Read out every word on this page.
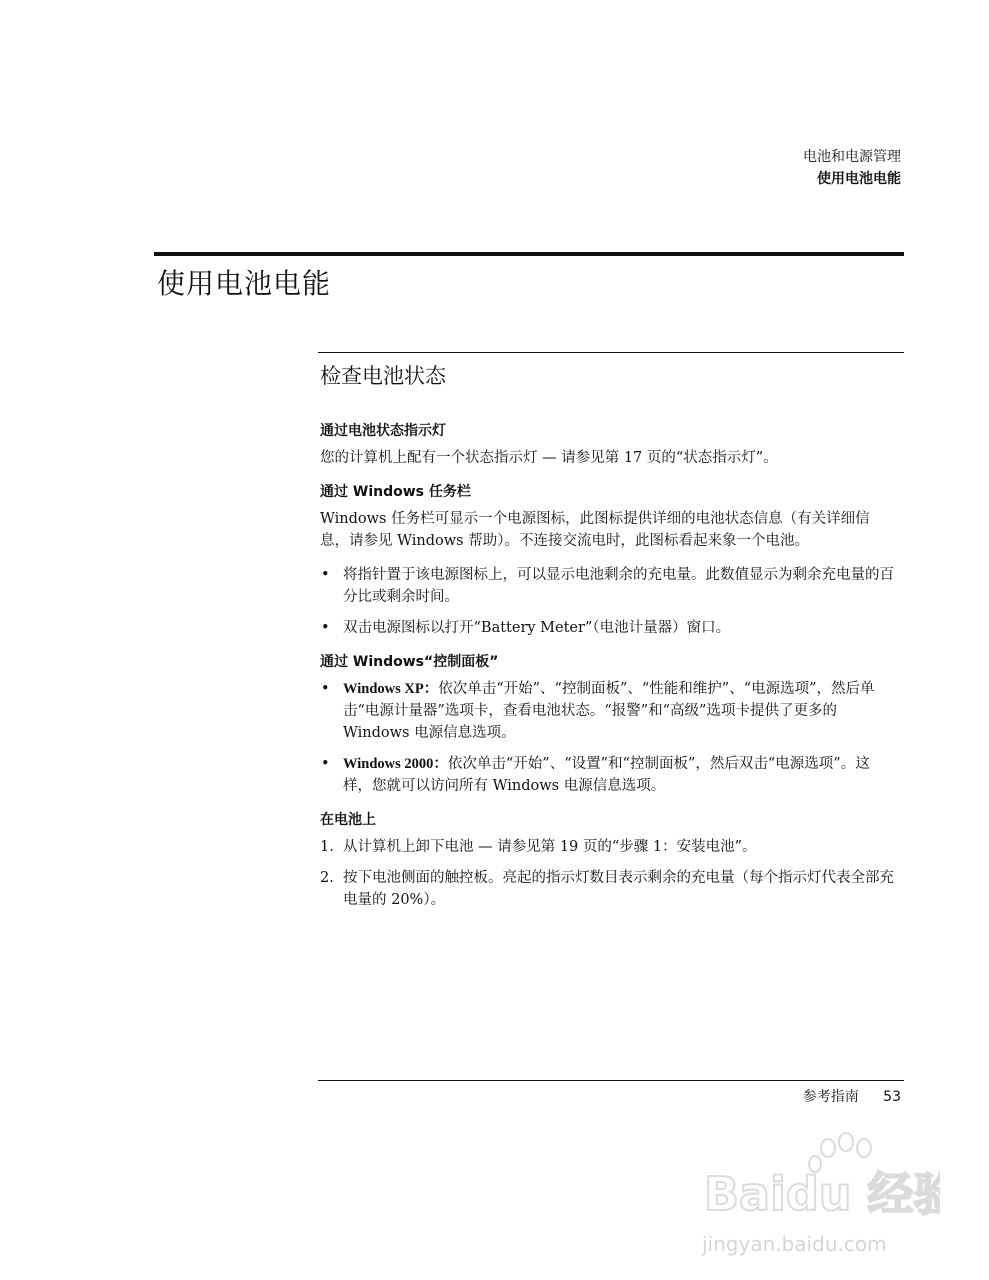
电池和电源管理
使用电池电能
使用电池电能
检查电池状态
通过电池状态指示灯

您的计算机上配有一个状态指示灯 — 请参见第 17 页的“状态指示灯”。

通过 Windows 任务栏

Windows 任务栏可显示一个电源图标，此图标提供详细的电池状态信息（有关详细信息，请参见 Windows 帮助）。不连接交流电时，此图标看起来象一个电池。

• 将指针置于该电源图标上，可以显示电池剩余的充电量。此数值显示为剩余充电量的百分比或剩余时间。
• 双击电源图标以打开“Battery Meter”（电池计量器）窗口。
通过 Windows“控制面板”
• Windows XP：依次单击“开始”、“控制面板”、“性能和维护”、“电源选项”，然后单击“电源计量器”选项卡，查看电池状态。“报警”和“高级”选项卡提供了更多的 Windows 电源信息选项。
• Windows 2000：依次单击“开始”、“设置”和“控制面板”，然后双击“电源选项”。这样，您就可以访问所有 Windows 电源信息选项。
在电池上
1. 从计算机上卸下电池 — 请参见第 19 页的“步骤 1：安装电池”。
2. 按下电池侧面的触控板。亮起的指示灯数目表示剩余的充电量（每个指示灯代表全部充电量的 20%）。
参考指南 53
Baidu 经验
jingyan.baidu.com
